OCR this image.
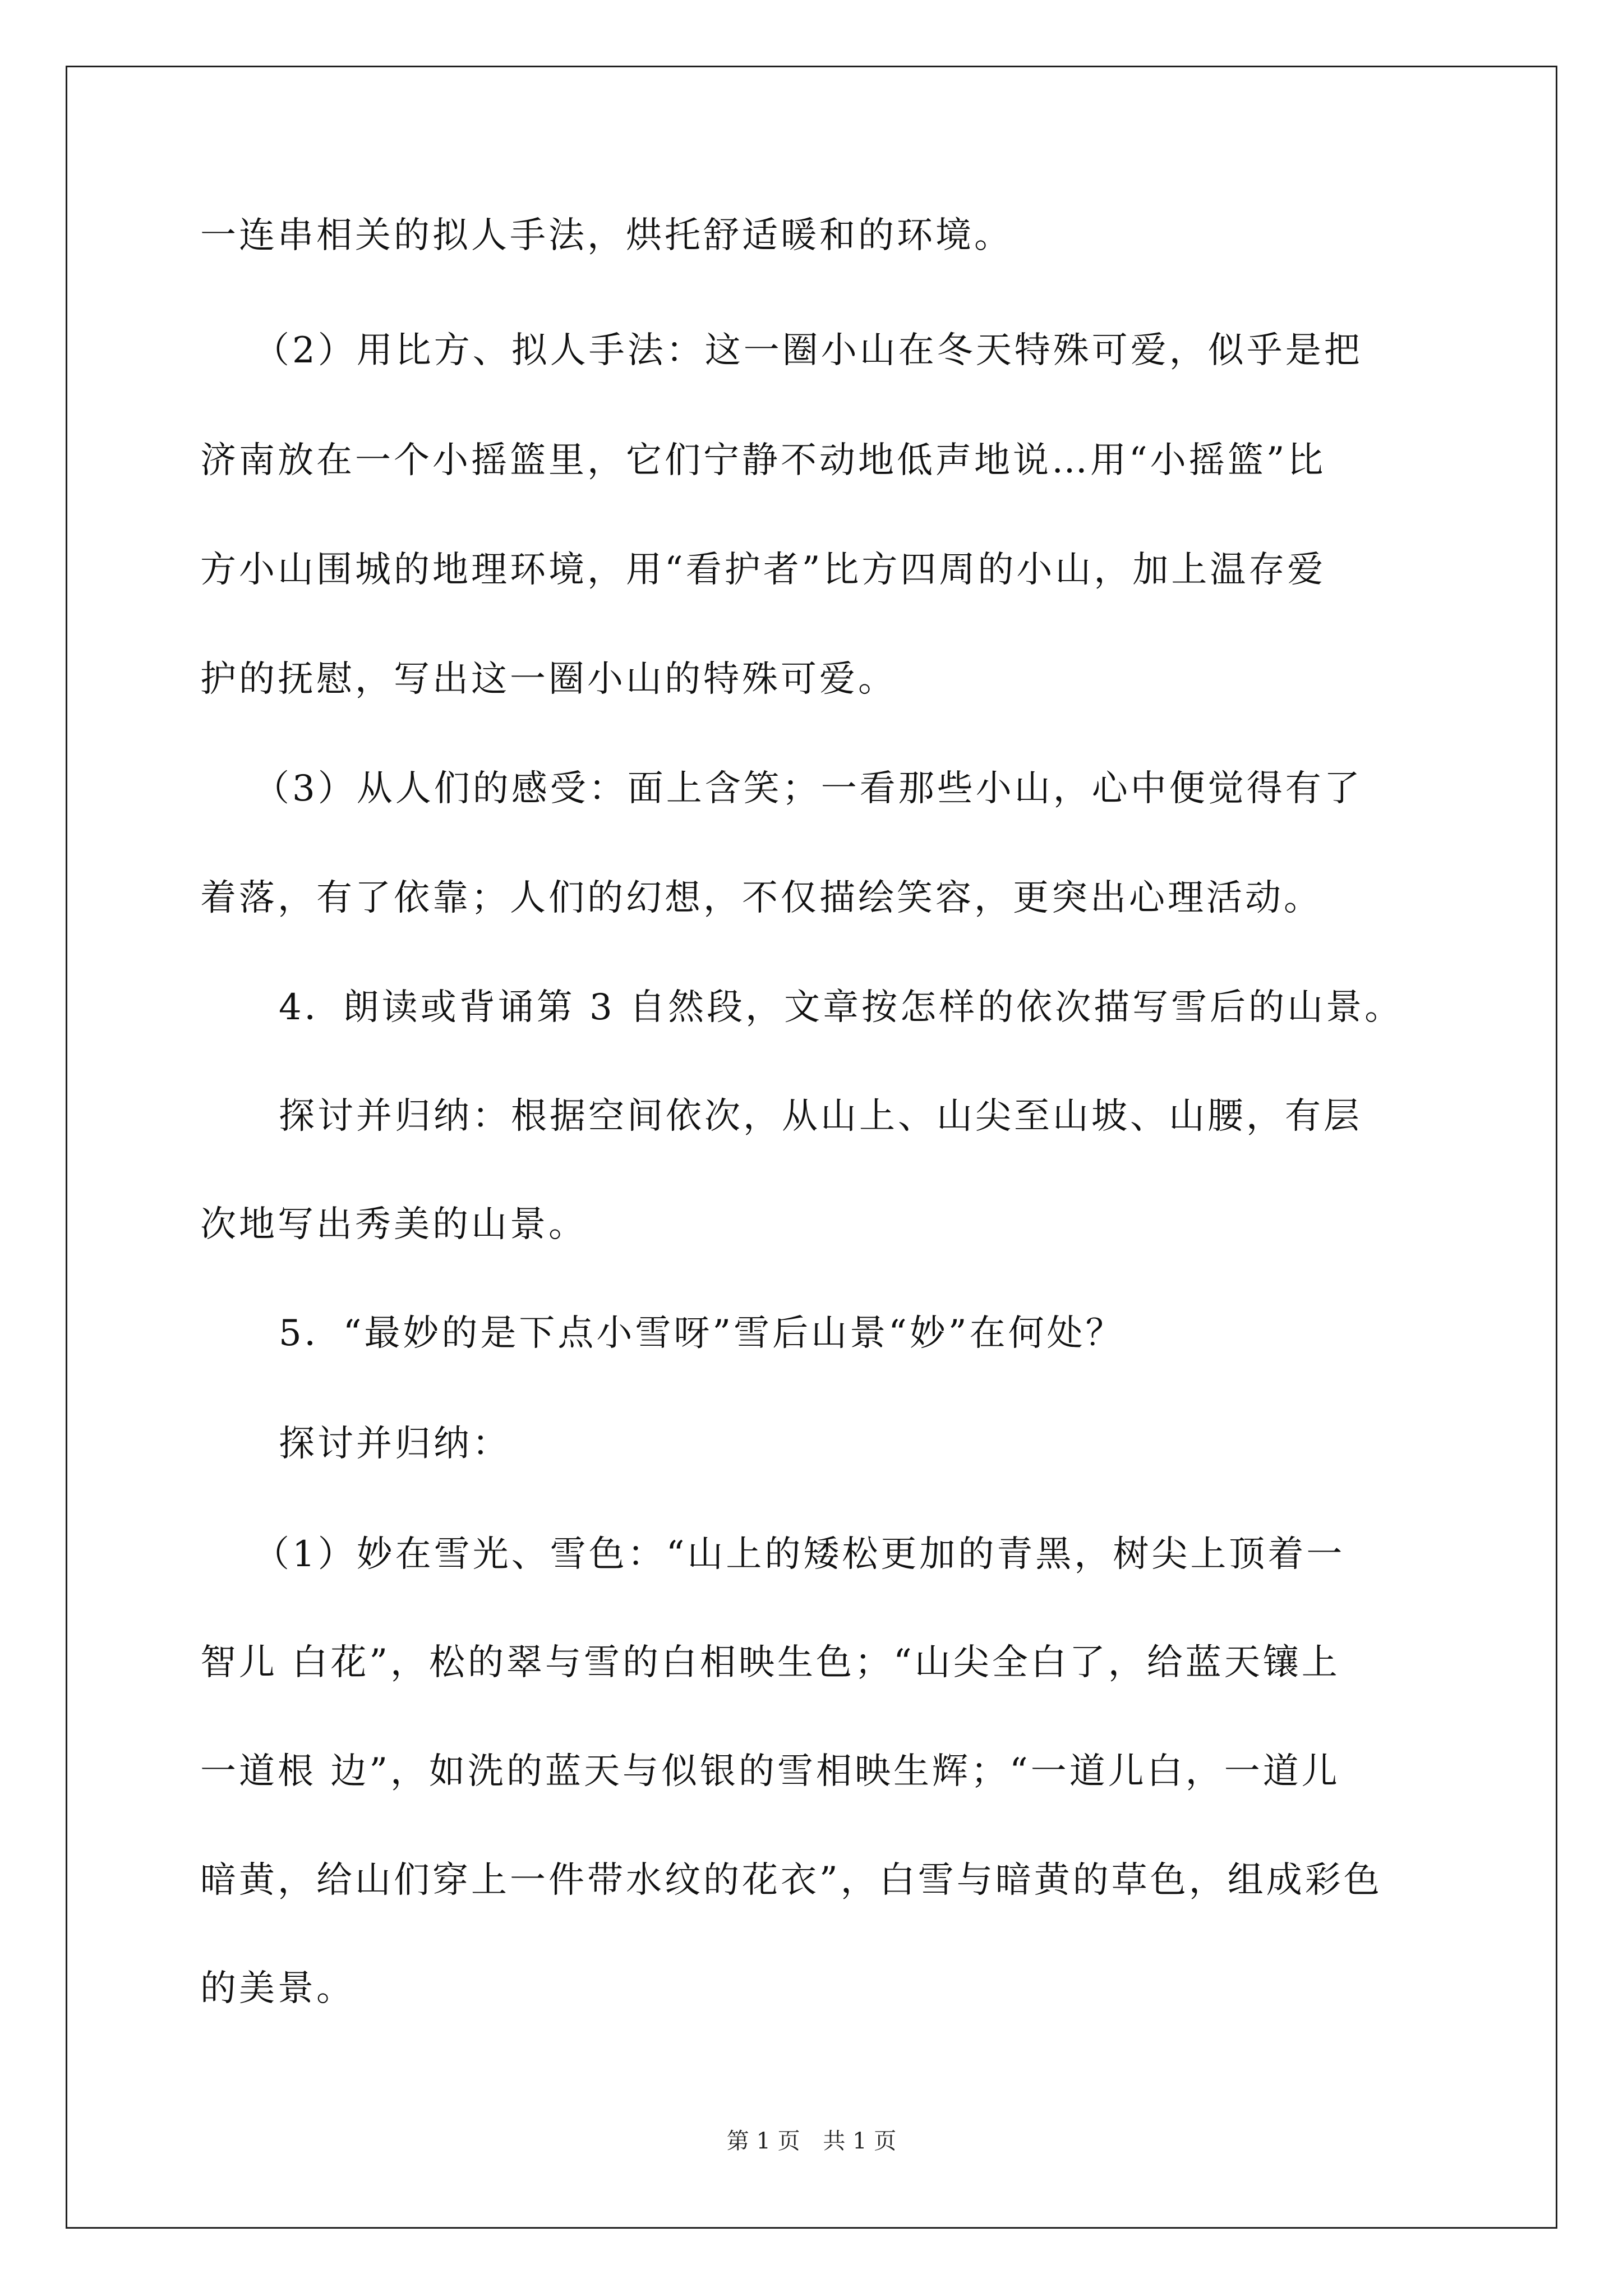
一连串相关的拟人手法，烘托舒适暖和的环境。
（2）用比方、拟人手法：这一圈小山在冬天特殊可爱，似乎是把
济南放在一个小摇篮里，它们宁静不动地低声地说…用“小摇篮”比
方小山围城的地理环境，用“看护者”比方四周的小山，加上温存爱
护的抚慰，写出这一圈小山的特殊可爱。
（3）从人们的感受：面上含笑；一看那些小山，心中便觉得有了
着落，有了依靠；人们的幻想，不仅描绘笑容，更突出心理活动。
4．朗读或背诵第 3 自然段，文章按怎样的依次描写雪后的山景。
探讨并归纳：根据空间依次，从山上、山尖至山坡、山腰，有层
次地写出秀美的山景。
5．“最妙的是下点小雪呀”雪后山景“妙”在何处？
探讨并归纳：
（1）妙在雪光、雪色：“山上的矮松更加的青黑，树尖上顶着一
智儿 白花”，松的翠与雪的白相映生色；“山尖全白了，给蓝天镶上
一道根 边”，如洗的蓝天与似银的雪相映生辉；“一道儿白，一道儿
暗黄，给山们穿上一件带水纹的花衣”，白雪与暗黄的草色，组成彩色
的美景。
第 1 页 共 1 页
